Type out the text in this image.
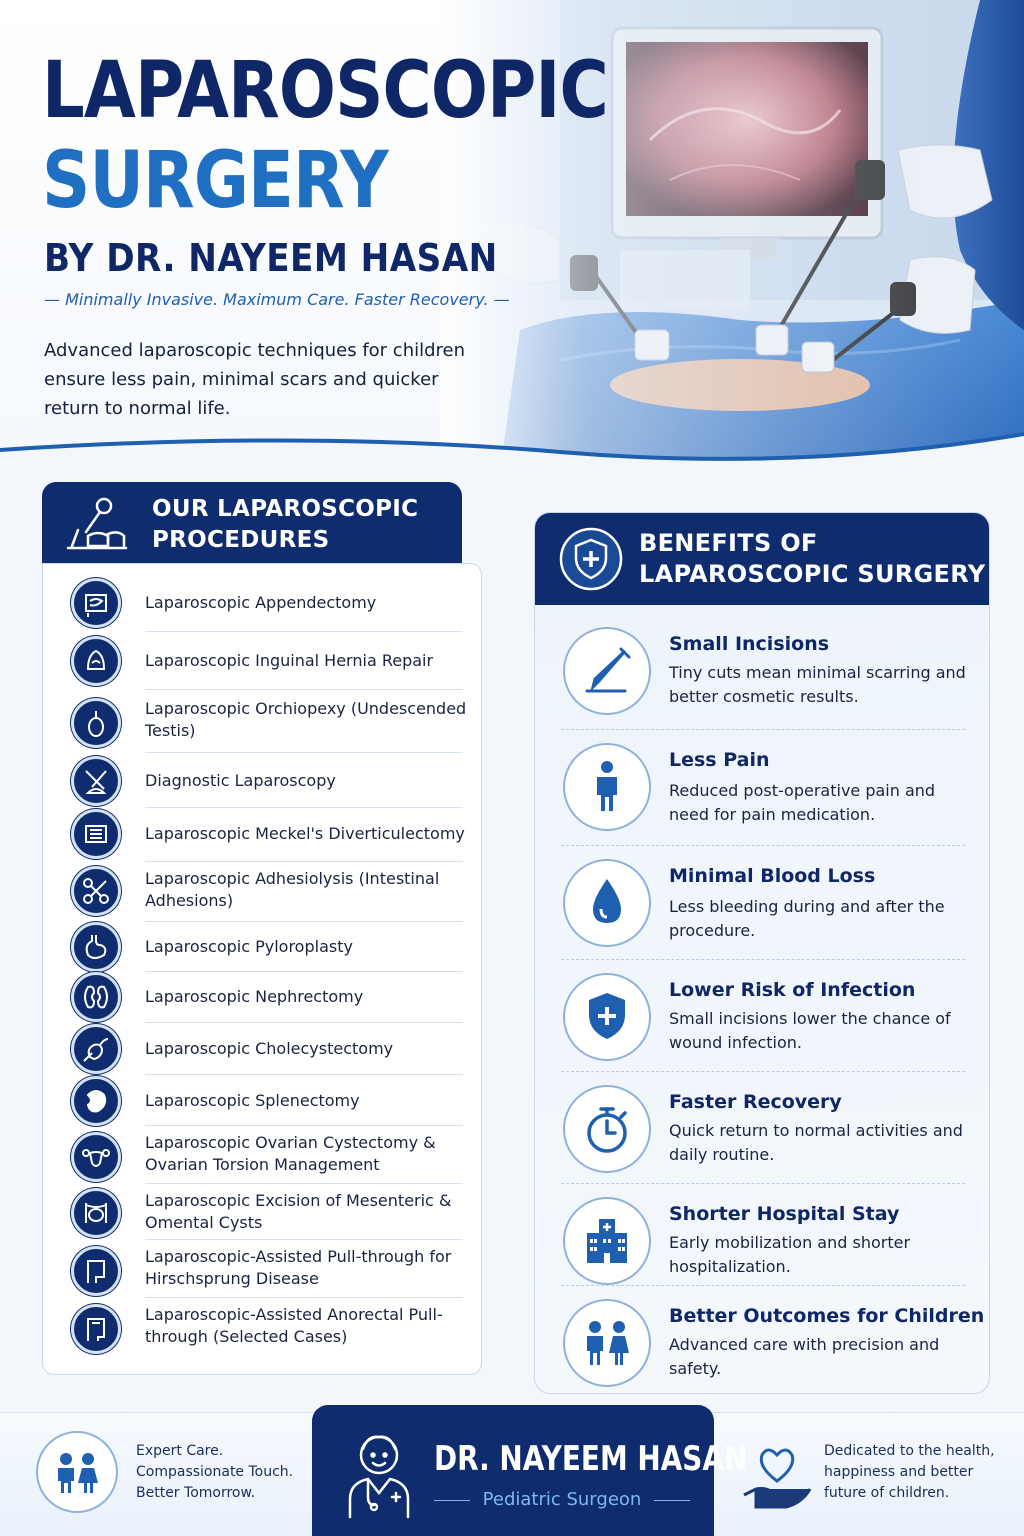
LAPAROSCOPIC
SURGERY
BY DR. NAYEEM HASAN
— Minimally Invasive. Maximum Care. Faster Recovery. —
Advanced laparoscopic techniques for children ensure less pain, minimal scars and quicker return to normal life.
OUR LAPAROSCOPIC
PROCEDURES
Laparoscopic Appendectomy
Laparoscopic Inguinal Hernia Repair
Laparoscopic Orchiopexy (Undescended Testis)
Diagnostic Laparoscopy
Laparoscopic Meckel's Diverticulectomy
Laparoscopic Adhesiolysis (Intestinal Adhesions)
Laparoscopic Pyloroplasty
Laparoscopic Nephrectomy
Laparoscopic Cholecystectomy
Laparoscopic Splenectomy
Laparoscopic Ovarian Cystectomy & Ovarian Torsion Management
Laparoscopic Excision of Mesenteric & Omental Cysts
Laparoscopic-Assisted Pull-through for Hirschsprung Disease
Laparoscopic-Assisted Anorectal Pull-through (Selected Cases)
BENEFITS OF
LAPAROSCOPIC SURGERY
Small Incisions
Tiny cuts mean minimal scarring and better cosmetic results.
Less Pain
Reduced post-operative pain and need for pain medication.
Minimal Blood Loss
Less bleeding during and after the procedure.
Lower Risk of Infection
Small incisions lower the chance of wound infection.
Faster Recovery
Quick return to normal activities and daily routine.
Shorter Hospital Stay
Early mobilization and shorter hospitalization.
Better Outcomes for Children
Advanced care with precision and safety.
Expert Care.
Compassionate Touch.
Better Tomorrow.
DR. NAYEEM HASAN
Pediatric Surgeon
Dedicated to the health, happiness and better future of children.
